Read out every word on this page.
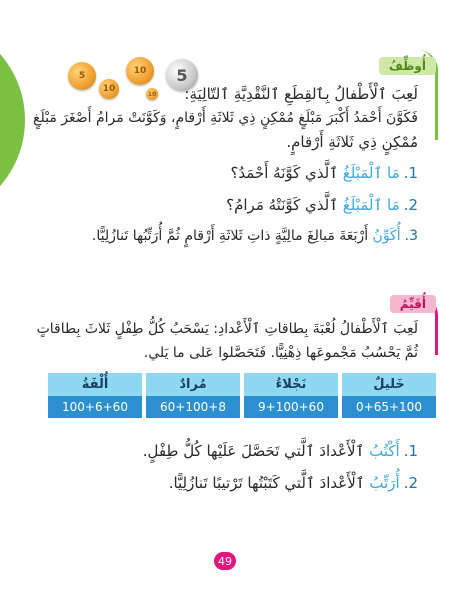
5
10
10
10
5	أُوظِّفُ
لَعِبَ ٱلْأَطْفالُ بِٱلقِطَعِ ٱلنَّقْدِيَّةِ ٱلتّالِيَةِ:
فَكَوَّنَ أَحْمَدُ أَكْبَرَ مَبْلَغٍ مُمْكِنٍ ذِي ثَلاثَةِ أَرْقامٍ، وَكَوَّنَتْ مَرامُ أَصْغَرَ مَبْلَغٍ
مُمْكِنٍ ذِي ثَلاثَةِ أَرْقامٍ.
1.مَا ٱلْمَبْلَغُ ٱلَّذي كَوَّنَهُ أَحْمَدُ؟
2.مَا ٱلْمَبْلَغُ ٱلَّذي كَوَّنَتْهُ مَرامُ؟
3.أُكَوِّنُ أَرْبَعَةَ مَبالِغَ مالِيَّةٍ ذاتِ ثَلاثَةِ أَرْقامٍ ثُمَّ أُرَتِّبُها تَنازُلِيًّا.
أُقَيِّمُ
لَعِبَ ٱلْأَطْفالُ لُعْبَةَ بِطاقاتِ ٱلْأَعْدادِ: يَسْحَبُ كُلُّ طِفْلٍ ثَلاثَ بِطاقاتٍ
ثُمَّ يَحْسُبُ مَجْموعَها ذِهْنِيًّا. فَتَحَصَّلوا عَلى ما يَلي.
خَليلٌ	نَجْلاءُ	مُرادٌ	أُلْفَةُ
0+65+100	9+100+60	60+100+8	100+6+60
1.أَكْتُبُ ٱلْأَعْدادَ ٱلَّتي تَحَصَّلَ عَلَيْها كُلُّ طِفْلٍ.
2.أُرَتِّبُ ٱلْأَعْدادَ ٱلَّتي كَتَبْتُها تَرْتيبًا تَنازُلِيًّا.
49
